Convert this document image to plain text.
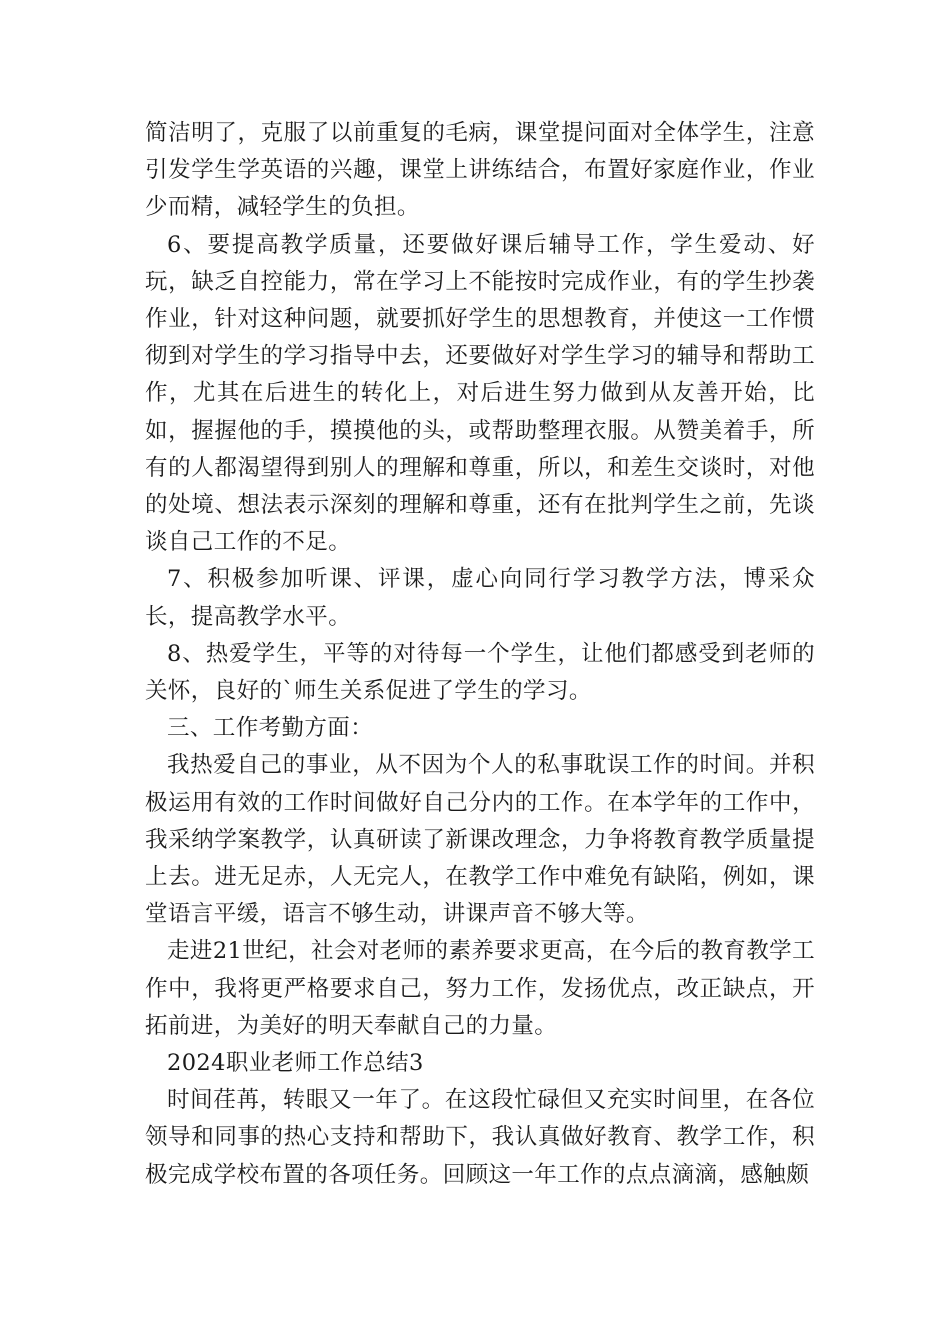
简洁明了，克服了以前重复的毛病，课堂提问面对全体学生，注意引发学生学英语的兴趣，课堂上讲练结合，布置好家庭作业，作业少而精，减轻学生的负担。

6、要提高教学质量，还要做好课后辅导工作，学生爱动、好玩，缺乏自控能力，常在学习上不能按时完成作业，有的学生抄袭作业，针对这种问题，就要抓好学生的思想教育，并使这一工作惯彻到对学生的学习指导中去，还要做好对学生学习的辅导和帮助工作，尤其在后进生的转化上，对后进生努力做到从友善开始，比如，握握他的手，摸摸他的头，或帮助整理衣服。从赞美着手，所有的人都渴望得到别人的理解和尊重，所以，和差生交谈时，对他的处境、想法表示深刻的理解和尊重，还有在批判学生之前，先谈谈自己工作的不足。

7、积极参加听课、评课，虚心向同行学习教学方法，博采众长，提高教学水平。

8、热爱学生，平等的对待每一个学生，让他们都感受到老师的关怀，良好的`师生关系促进了学生的学习。

三、工作考勤方面：

我热爱自己的事业，从不因为个人的私事耽误工作的时间。并积极运用有效的工作时间做好自己分内的工作。在本学年的工作中，我采纳学案教学，认真研读了新课改理念，力争将教育教学质量提上去。进无足赤，人无完人，在教学工作中难免有缺陷，例如，课堂语言平缓，语言不够生动，讲课声音不够大等。

走进21世纪，社会对老师的素养要求更高，在今后的教育教学工作中，我将更严格要求自己，努力工作，发扬优点，改正缺点，开拓前进，为美好的明天奉献自己的力量。

2024职业老师工作总结3

时间荏苒，转眼又一年了。在这段忙碌但又充实时间里，在各位领导和同事的热心支持和帮助下，我认真做好教育、教学工作，积极完成学校布置的各项任务。回顾这一年工作的点点滴滴，感触颇
